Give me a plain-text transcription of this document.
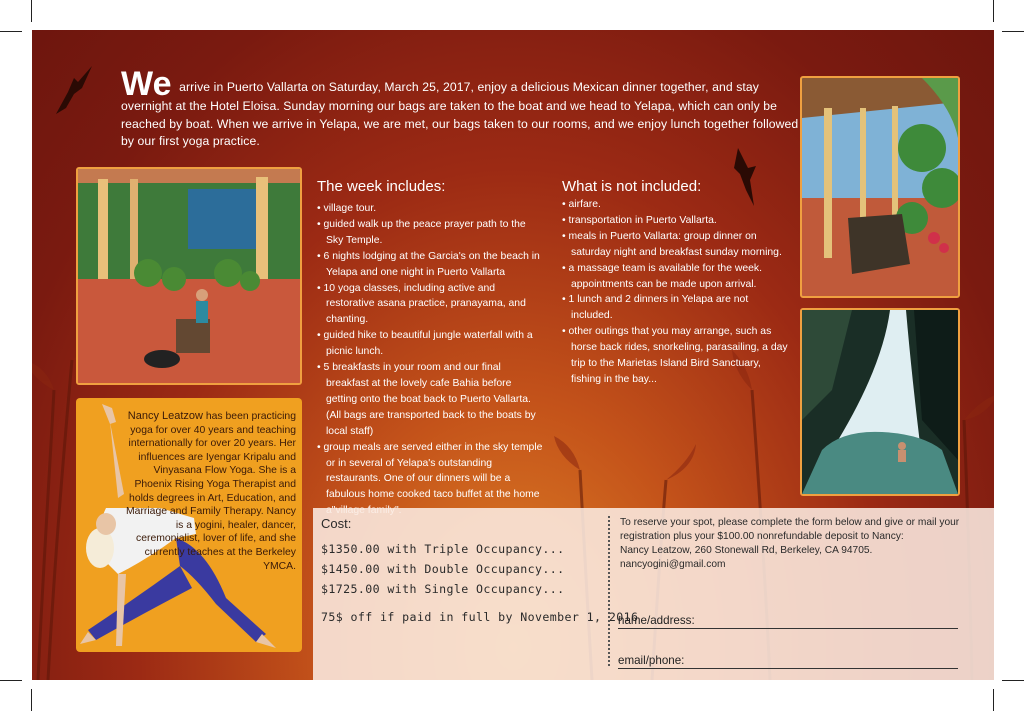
We arrive in Puerto Vallarta on Saturday, March 25, 2017, enjoy a delicious Mexican dinner together, and stay overnight at the Hotel Eloisa. Sunday morning our bags are taken to the boat and we head to Yelapa, which can only be reached by boat. When we arrive in Yelapa, we are met, our bags taken to our rooms, and we enjoy lunch together followed by our first yoga practice.
Nancy Leatzow has been practicing yoga for over 40 years and teaching internationally for over 20 years. Her influences are Iyengar Kripalu and Vinyasana Flow Yoga. She is a Phoenix Rising Yoga Therapist and holds degrees in Art, Education, and Marriage and Family Therapy. Nancy is a yogini, healer, dancer, ceremonialist, lover of life, and she currently teaches at the Berkeley YMCA.
The week includes:
• village tour.
• guided walk up the peace prayer path to the Sky Temple.
• 6 nights lodging at the Garcia's on the beach in Yelapa and one night in Puerto Vallarta
• 10 yoga classes, including active and restorative asana practice, pranayama, and chanting.
• guided hike to beautiful jungle waterfall with a picnic lunch.
• 5 breakfasts in your room and our final breakfast at the lovely cafe Bahia before getting onto the boat back to Puerto Vallarta. (All bags are transported back to the boats by local staff)
• group meals are served either in the sky temple or in several of Yelapa's outstanding restaurants. One of our dinners will be a fabulous home cooked taco buffet at the home
What is not included:
• airfare.
• transportation in Puerto Vallarta.
• meals in Puerto Vallarta: group dinner on saturday night and breakfast sunday morning.
• a massage team is available for the week. appointments can be made upon arrival.
• 1 lunch and 2 dinners in Yelapa are not included.
• other outings that you may arrange, such as horse back rides, snorkeling, parasailing, a day trip to the Marietas Island Bird Sanctuary, fishing in the bay...
Cost:
$1350.00 with Triple Occupancy...
$1450.00 with Double Occupancy...
$1725.00 with Single Occupancy...
75$ off if paid in full by November 1, 2016
To reserve your spot, please complete the form below and give or mail your registration plus your $100.00 nonrefundable deposit to Nancy:
Nancy Leatzow, 260 Stonewall Rd, Berkeley, CA 94705.
nancyogini@gmail.com
name/address:
email/phone:
